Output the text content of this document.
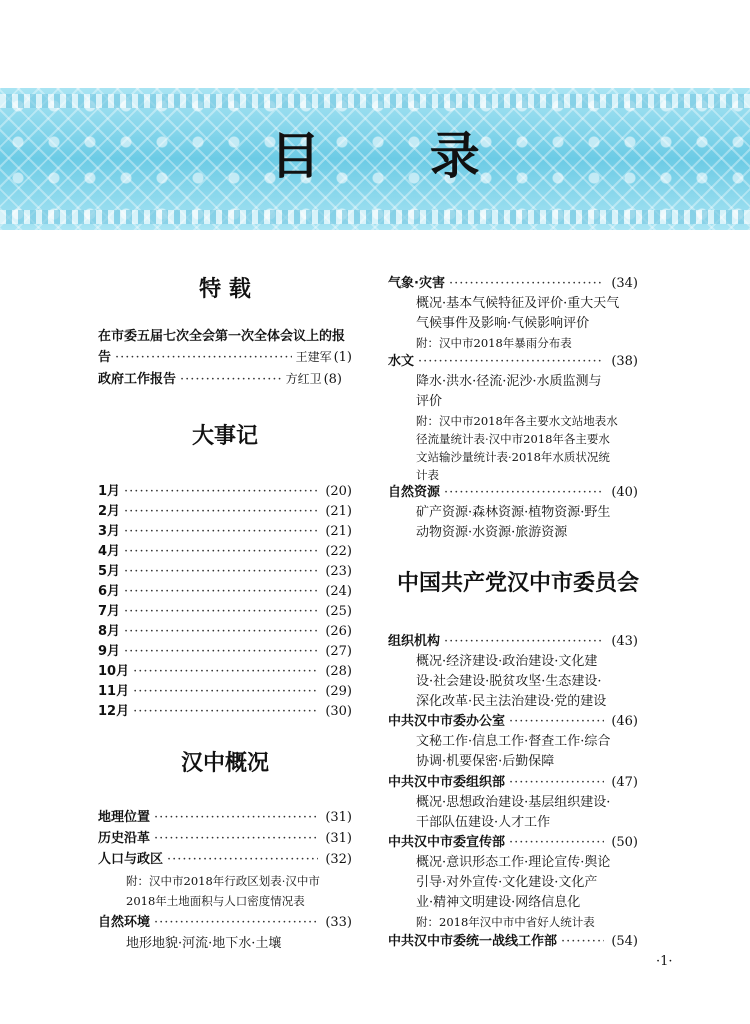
目 录
特 载
在市委五届七次全会第一次全体会议上的报
告 ·····	王建军 (1)
政府工作报告 ·····	方红卫 (8)
大事记
1月 ·····	(20)
2月 ·····	(21)
3月 ·····	(21)
4月 ·····	(22)
5月 ·····	(23)
6月 ·····	(24)
7月 ·····	(25)
8月 ·····	(26)
9月 ·····	(27)
10月 ·····	(28)
11月 ·····	(29)
12月 ·····	(30)
汉中概况
地理位置 ·····	(31)
历史沿革 ·····	(31)
人口与政区 ·····	(32)
附：汉中市2018年行政区划表·汉中市
2018年土地面积与人口密度情况表
自然环境 ·····	(33)
地形地貌·河流·地下水·土壤
气象·灾害 ·····	(34)
概况·基本气候特征及评价·重大天气
气候事件及影响·气候影响评价
附：汉中市2018年暴雨分布表
水文 ·····	(38)
降水·洪水·径流·泥沙·水质监测与
评价
附：汉中市2018年各主要水文站地表水
径流量统计表·汉中市2018年各主要水
文站输沙量统计表·2018年水质状况统
计表
自然资源 ·····	(40)
矿产资源·森林资源·植物资源·野生
动物资源·水资源·旅游资源
中国共产党汉中市委员会
组织机构 ·····	(43)
概况·经济建设·政治建设·文化建
设·社会建设·脱贫攻坚·生态建设·
深化改革·民主法治建设·党的建设
中共汉中市委办公室 ·····	(46)
文秘工作·信息工作·督查工作·综合
协调·机要保密·后勤保障
中共汉中市委组织部 ·····	(47)
概况·思想政治建设·基层组织建设·
干部队伍建设·人才工作
中共汉中市委宣传部 ·····	(50)
概况·意识形态工作·理论宣传·舆论
引导·对外宣传·文化建设·文化产
业·精神文明建设·网络信息化
附：2018年汉中市中省好人统计表
中共汉中市委统一战线工作部 ·····	(54)
·1·
